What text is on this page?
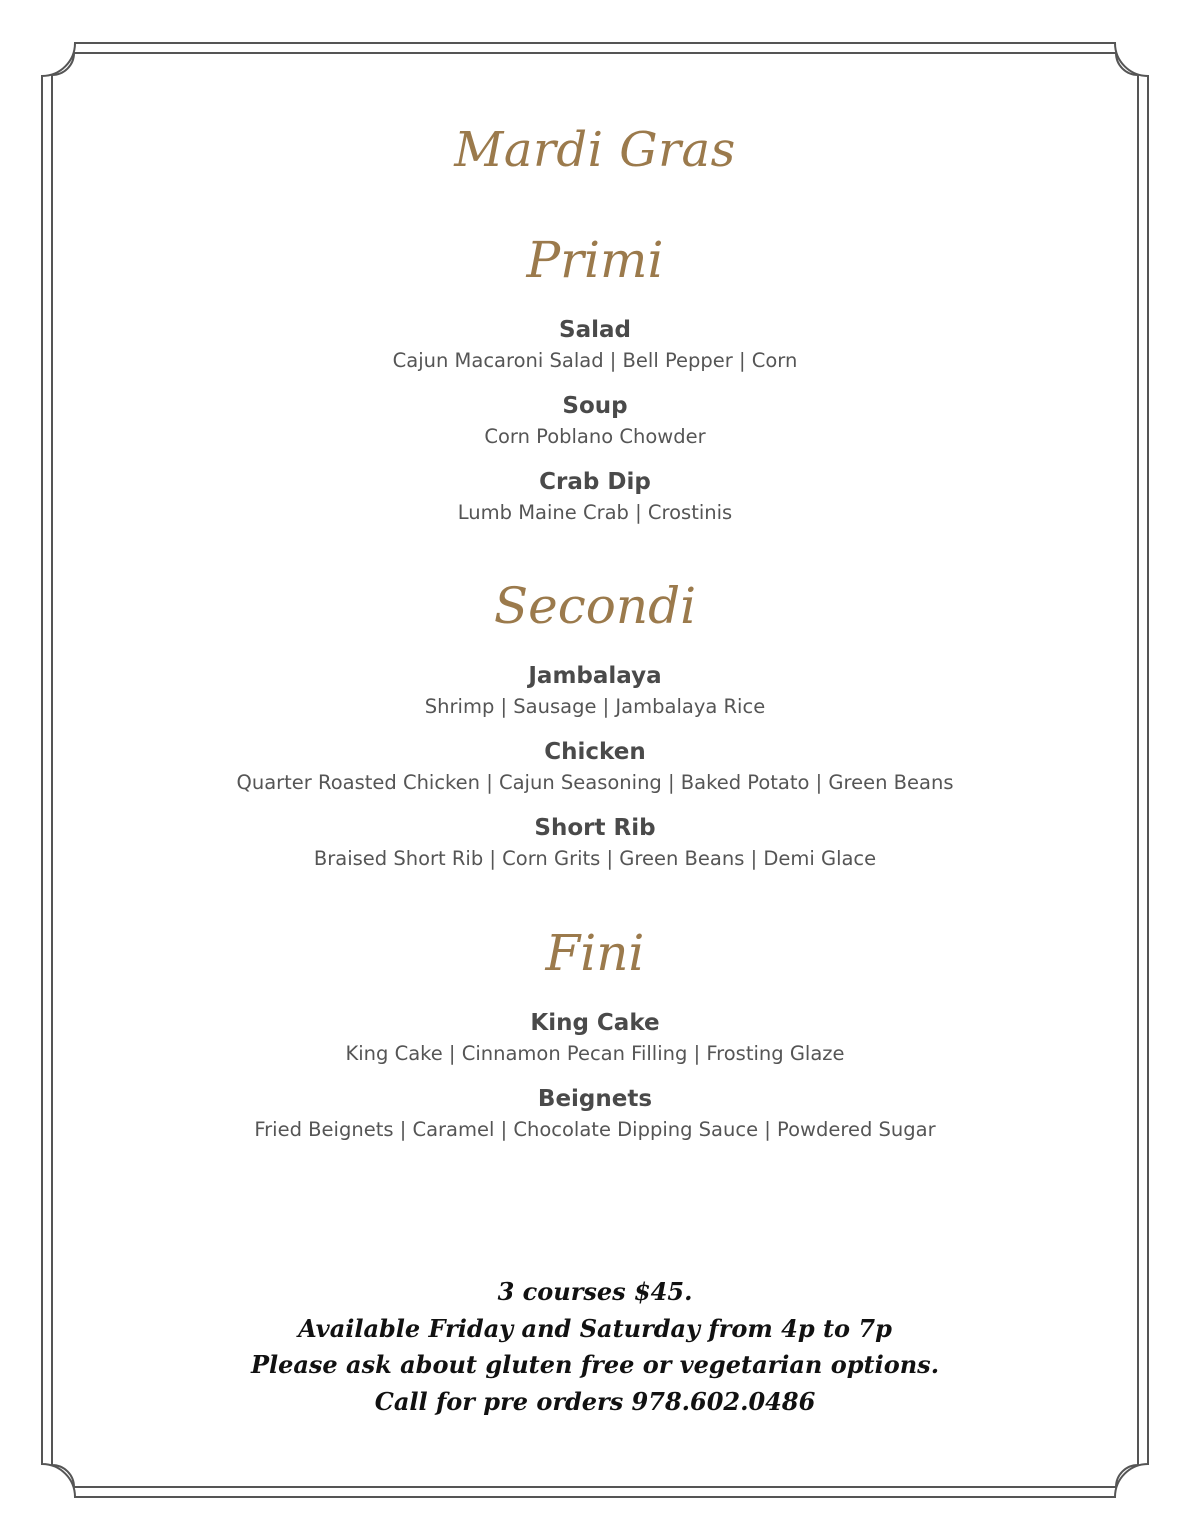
Mardi Gras
Primi
Salad
Cajun Macaroni Salad | Bell Pepper | Corn
Soup
Corn Poblano Chowder
Crab Dip
Lumb Maine Crab | Crostinis
Secondi
Jambalaya
Shrimp | Sausage | Jambalaya Rice
Chicken
Quarter Roasted Chicken | Cajun Seasoning | Baked Potato | Green Beans
Short Rib
Braised Short Rib | Corn Grits | Green Beans | Demi Glace
Fini
King Cake
King Cake | Cinnamon Pecan Filling | Frosting Glaze
Beignets
Fried Beignets | Caramel | Chocolate Dipping Sauce | Powdered Sugar
3 courses $45.
Available Friday and Saturday from 4p to 7p
Please ask about gluten free or vegetarian options.
Call for pre orders 978.602.0486
